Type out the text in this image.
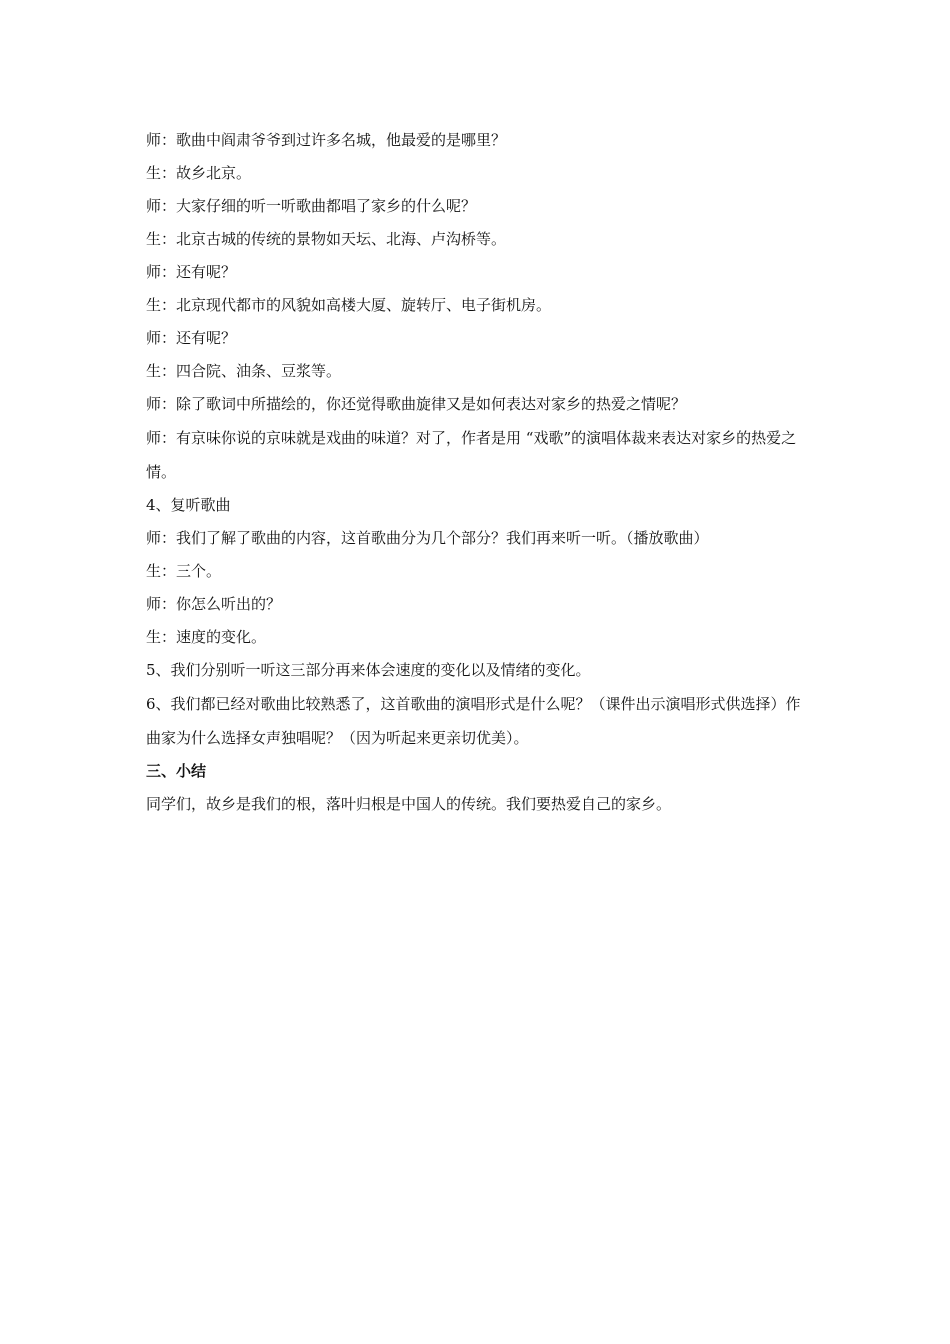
师：歌曲中阎肃爷爷到过许多名城，他最爱的是哪里？
生：故乡北京。
师：大家仔细的听一听歌曲都唱了家乡的什么呢？
生：北京古城的传统的景物如天坛、北海、卢沟桥等。
师：还有呢？
生：北京现代都市的风貌如高楼大厦、旋转厅、电子街机房。
师：还有呢？
生：四合院、油条、豆浆等。
师：除了歌词中所描绘的，你还觉得歌曲旋律又是如何表达对家乡的热爱之情呢？
师：有京味你说的京味就是戏曲的味道？对了，作者是用 “戏歌”的演唱体裁来表达对家乡的热爱之情。
4、复听歌曲
师：我们了解了歌曲的内容，这首歌曲分为几个部分？我们再来听一听。（播放歌曲）
生：三个。
师：你怎么听出的？
生：速度的变化。
5、我们分别听一听这三部分再来体会速度的变化以及情绪的变化。
6、我们都已经对歌曲比较熟悉了，这首歌曲的演唱形式是什么呢？（课件出示演唱形式供选择）作曲家为什么选择女声独唱呢？（因为听起来更亲切优美）。
三、小结
同学们，故乡是我们的根，落叶归根是中国人的传统。我们要热爱自己的家乡。
